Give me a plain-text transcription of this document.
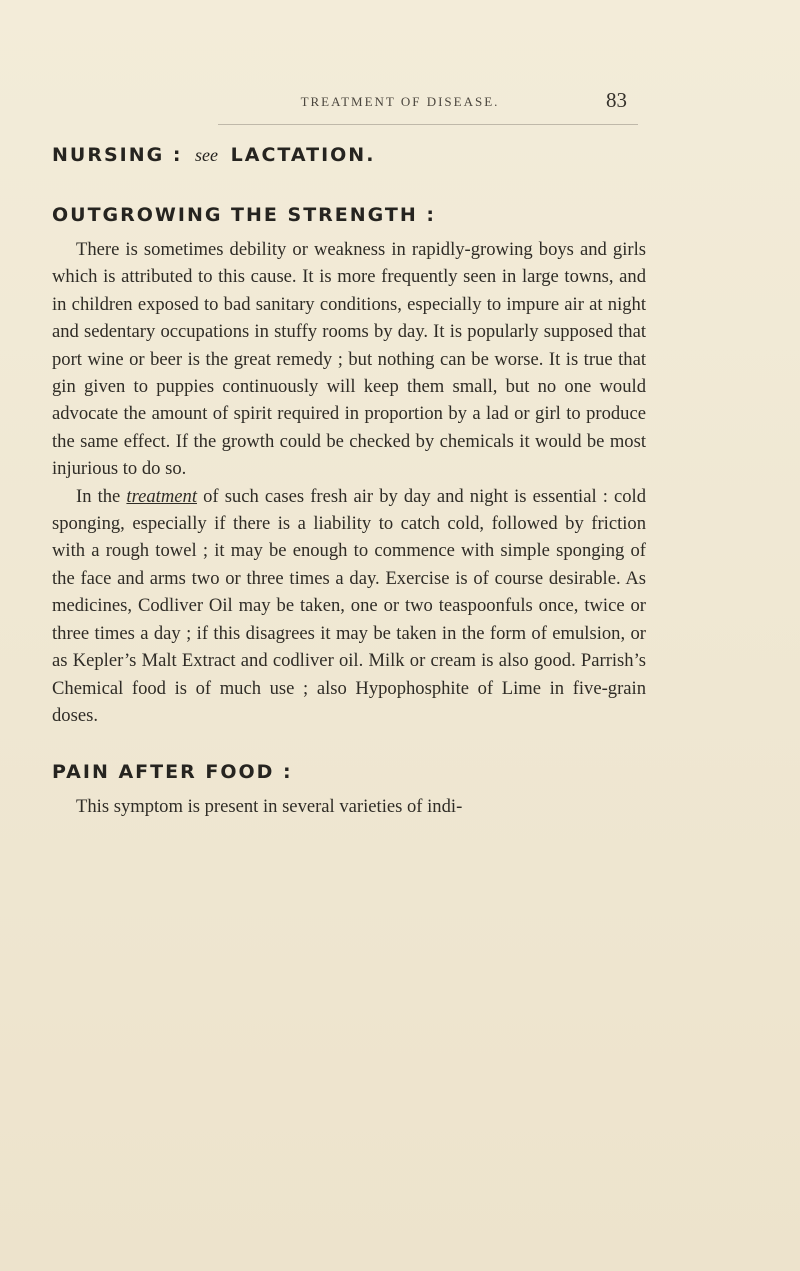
TREATMENT OF DISEASE.	83
NURSING : see LACTATION.
OUTGROWING THE STRENGTH :

There is sometimes debility or weakness in rapidly-growing boys and girls which is attributed to this cause. It is more frequently seen in large towns, and in children exposed to bad sanitary conditions, especially to impure air at night and sedentary occupations in stuffy rooms by day. It is popularly supposed that port wine or beer is the great remedy ; but nothing can be worse. It is true that gin given to puppies continuously will keep them small, but no one would advocate the amount of spirit required in proportion by a lad or girl to produce the same effect. If the growth could be checked by chemicals it would be most injurious to do so.

In the treatment of such cases fresh air by day and night is essential : cold sponging, especially if there is a liability to catch cold, followed by friction with a rough towel ; it may be enough to commence with simple sponging of the face and arms two or three times a day. Exercise is of course desirable. As medicines, Codliver Oil may be taken, one or two teaspoonfuls once, twice or three times a day ; if this disagrees it may be taken in the form of emulsion, or as Kepler’s Malt Extract and codliver oil. Milk or cream is also good. Parrish’s Chemical food is of much use ; also Hypophosphite of Lime in five-grain doses.

PAIN AFTER FOOD :

This symptom is present in several varieties of indi-
